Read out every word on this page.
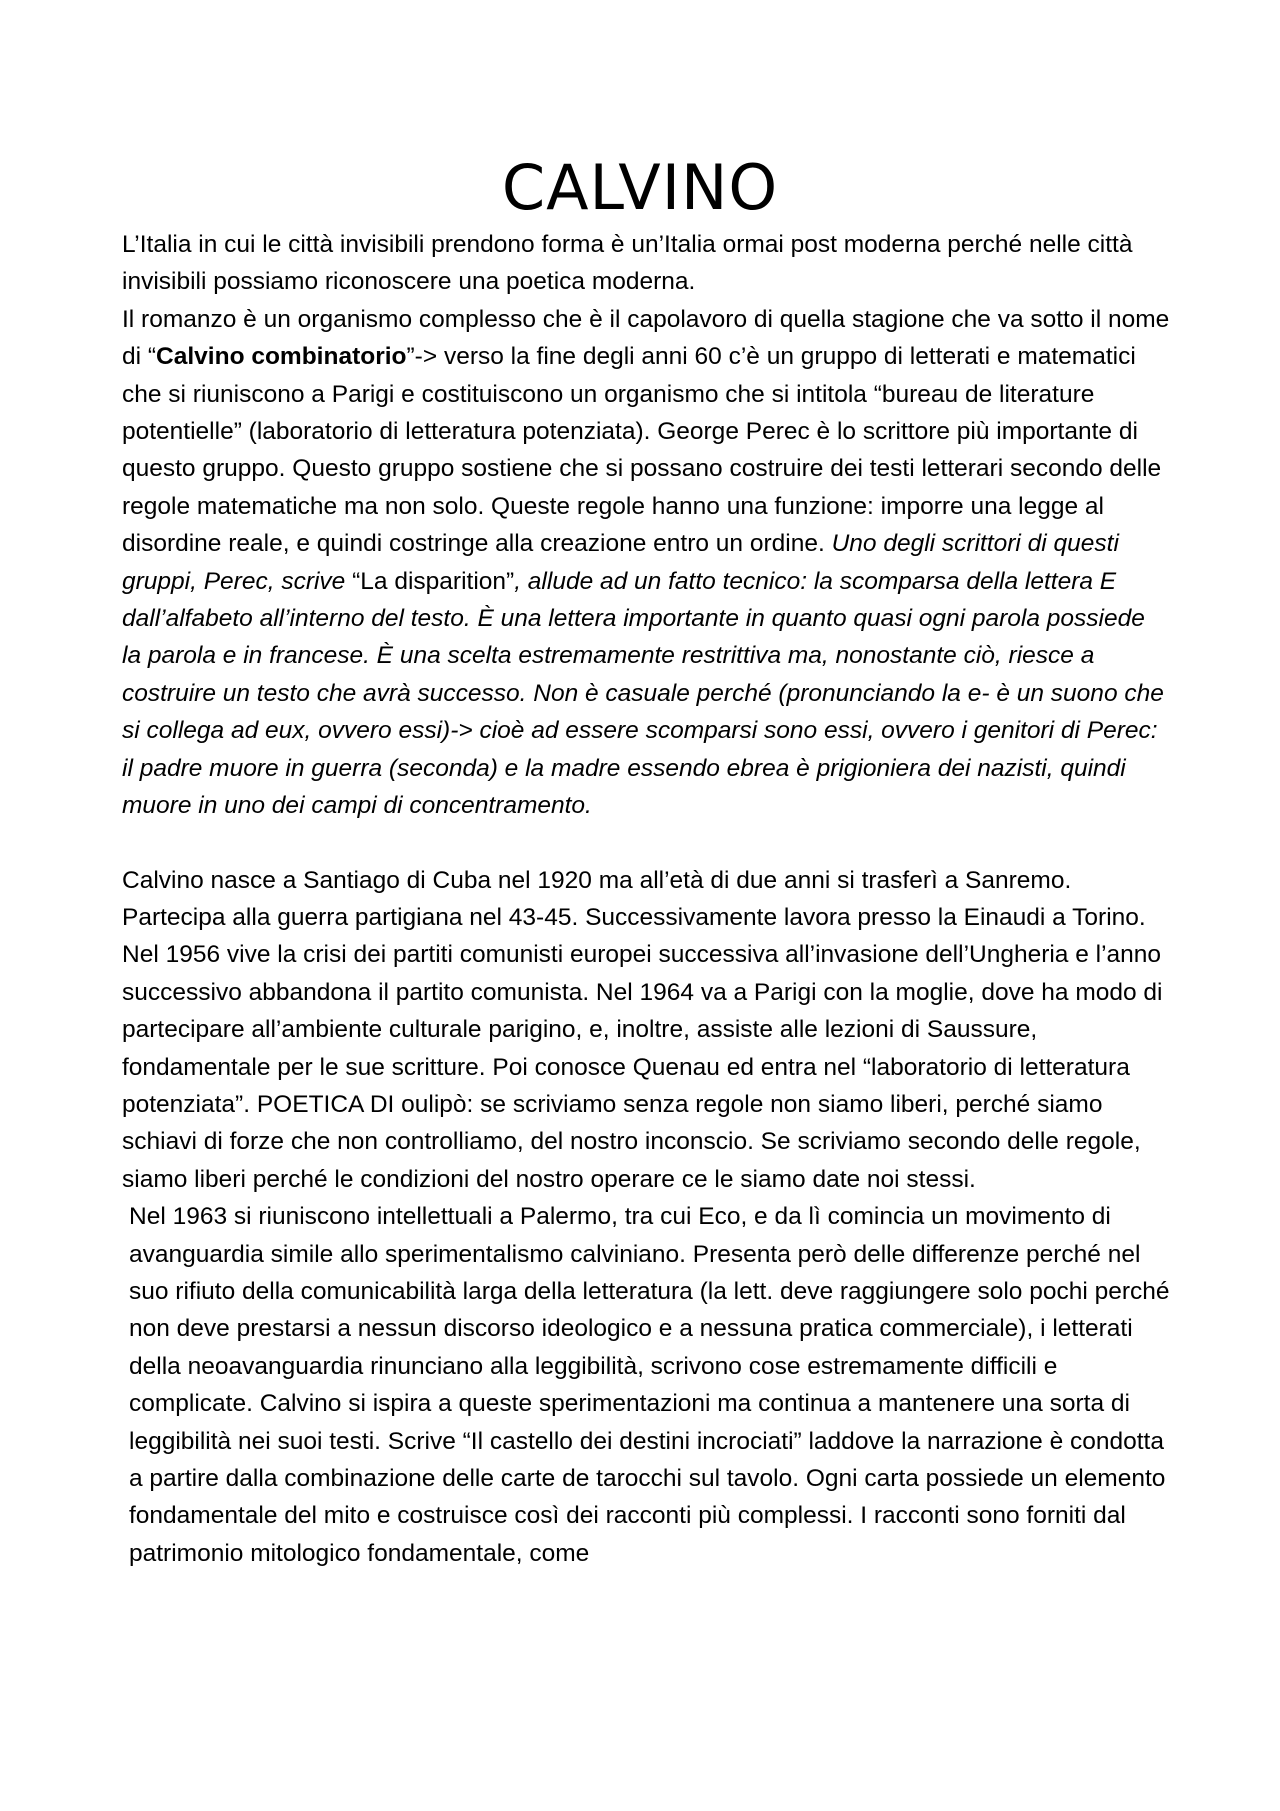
CALVINO

L’Italia in cui le città invisibili prendono forma è un’Italia ormai post moderna perché nelle città invisibili possiamo riconoscere una poetica moderna.

Il romanzo è un organismo complesso che è il capolavoro di quella stagione che va sotto il nome di “Calvino combinatorio”-> verso la fine degli anni 60 c’è un gruppo di letterati e matematici che si riuniscono a Parigi e costituiscono un organismo che si intitola “bureau de literature potentielle” (laboratorio di letteratura potenziata). George Perec è lo scrittore più importante di questo gruppo. Questo gruppo sostiene che si possano costruire dei testi letterari secondo delle regole matematiche ma non solo. Queste regole hanno una funzione: imporre una legge al disordine reale, e quindi costringe alla creazione entro un ordine. Uno degli scrittori di questi gruppi, Perec, scrive “La disparition”, allude ad un fatto tecnico: la scomparsa della lettera E dall’alfabeto all’interno del testo. È una lettera importante in quanto quasi ogni parola possiede la parola e in francese. È una scelta estremamente restrittiva ma, nonostante ciò, riesce a costruire un testo che avrà successo. Non è casuale perché (pronunciando la e- è un suono che si collega ad eux, ovvero essi)-> cioè ad essere scomparsi sono essi, ovvero i genitori di Perec: il padre muore in guerra (seconda) e la madre essendo ebrea è prigioniera dei nazisti, quindi muore in uno dei campi di concentramento.

Calvino nasce a Santiago di Cuba nel 1920 ma all’età di due anni si trasferì a Sanremo. Partecipa alla guerra partigiana nel 43-45. Successivamente lavora presso la Einaudi a Torino. Nel 1956 vive la crisi dei partiti comunisti europei successiva all’invasione dell’Ungheria e l’anno successivo abbandona il partito comunista. Nel 1964 va a Parigi con la moglie, dove ha modo di partecipare all’ambiente culturale parigino, e, inoltre, assiste alle lezioni di Saussure, fondamentale per le sue scritture. Poi conosce Quenau ed entra nel “laboratorio di letteratura potenziata”. POETICA DI oulipò: se scriviamo senza regole non siamo liberi, perché siamo schiavi di forze che non controlliamo, del nostro inconscio. Se scriviamo secondo delle regole, siamo liberi perché le condizioni del nostro operare ce le siamo date noi stessi.

Nel 1963 si riuniscono intellettuali a Palermo, tra cui Eco, e da lì comincia un movimento di avanguardia simile allo sperimentalismo calviniano. Presenta però delle differenze perché nel suo rifiuto della comunicabilità larga della letteratura (la lett. deve raggiungere solo pochi perché non deve prestarsi a nessun discorso ideologico e a nessuna pratica commerciale), i letterati della neoavanguardia rinunciano alla leggibilità, scrivono cose estremamente difficili e complicate. Calvino si ispira a queste sperimentazioni ma continua a mantenere una sorta di leggibilità nei suoi testi. Scrive “Il castello dei destini incrociati” laddove la narrazione è condotta a partire dalla combinazione delle carte de tarocchi sul tavolo. Ogni carta possiede un elemento fondamentale del mito e costruisce così dei racconti più complessi. I racconti sono forniti dal patrimonio mitologico fondamentale, come
